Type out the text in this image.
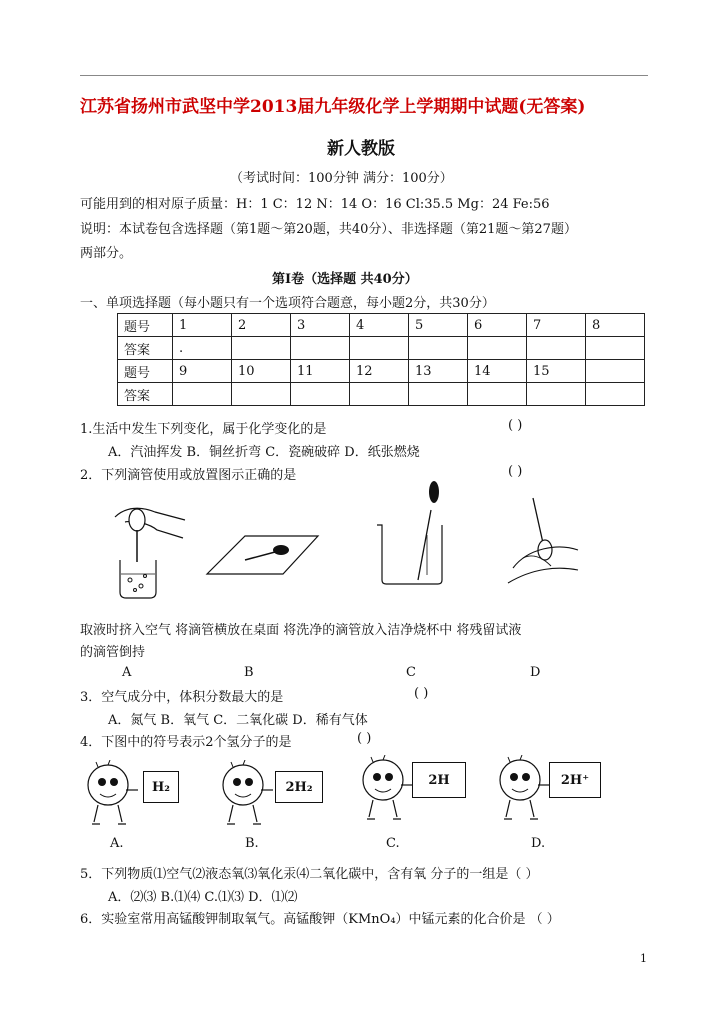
江苏省扬州市武坚中学2013届九年级化学上学期期中试题(无答案)
新人教版
（考试时间：100分钟 满分：100分）
可能用到的相对原子质量：H：1 C：12 N：14 O：16 Cl:35.5 Mg：24 Fe:56
说明：本试卷包含选择题（第1题～第20题，共40分）、非选择题（第21题～第27题）
两部分。
第Ⅰ卷（选择题 共40分）
一、单项选择题（每小题只有一个选项符合题意，每小题2分，共30分）
题号	1	2	3	4	5	6	7	8
答案	.							
题号	9	10	11	12	13	14	15	
答案								
1.生活中发生下列变化，属于化学变化的是	( )
A．汽油挥发 B．铜丝折弯 C．瓷碗破碎 D．纸张燃烧
2．下列滴管使用或放置图示正确的是	( )
取液时挤入空气 将滴管横放在桌面 将洗净的滴管放入洁净烧杯中 将残留试液
的滴管倒持
A	B	C	D
3．空气成分中，体积分数最大的是	( )
A．氮气 B．氧气 C．二氧化碳 D．稀有气体
4．下图中的符号表示2个氢分子的是	( )
H₂	2H₂	2H	2H⁺
A.	B.	C.	D.
5．下列物质⑴空气⑵液态氧⑶氧化汞⑷二氧化碳中，含有氧 分子的一组是（ ）
A．⑵⑶ B.⑴⑷ C.⑴⑶ D．⑴⑵
6．实验室常用高锰酸钾制取氧气。高锰酸钾（KMnO₄）中锰元素的化合价是 （ ）
1
